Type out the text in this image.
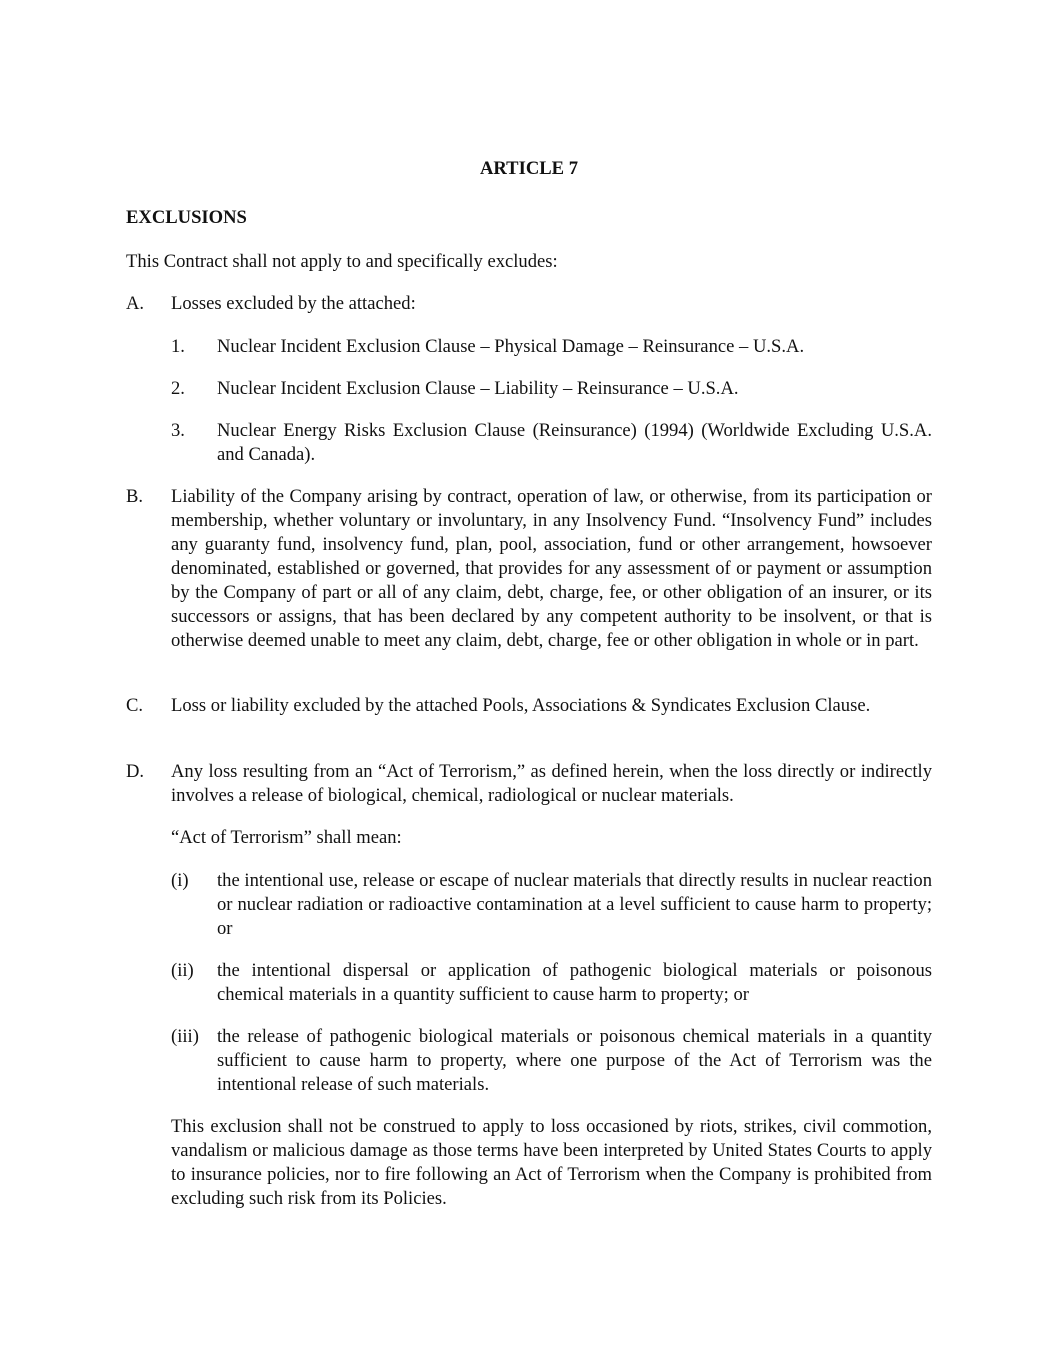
ARTICLE 7

EXCLUSIONS

This Contract shall not apply to and specifically excludes:

A. Losses excluded by the attached:
1. Nuclear Incident Exclusion Clause – Physical Damage – Reinsurance – U.S.A.
2. Nuclear Incident Exclusion Clause – Liability – Reinsurance – U.S.A.
3. Nuclear Energy Risks Exclusion Clause (Reinsurance) (1994) (Worldwide Excluding U.S.A. and Canada).
B. Liability of the Company arising by contract, operation of law, or otherwise, from its participation or membership, whether voluntary or involuntary, in any Insolvency Fund. “Insolvency Fund” includes any guaranty fund, insolvency fund, plan, pool, association, fund or other arrangement, howsoever denominated, established or governed, that provides for any assessment of or payment or assumption by the Company of part or all of any claim, debt, charge, fee, or other obligation of an insurer, or its successors or assigns, that has been declared by any competent authority to be insolvent, or that is otherwise deemed unable to meet any claim, debt, charge, fee or other obligation in whole or in part.
C. Loss or liability excluded by the attached Pools, Associations & Syndicates Exclusion Clause.
D. Any loss resulting from an “Act of Terrorism,” as defined herein, when the loss directly or indirectly involves a release of biological, chemical, radiological or nuclear materials.

“Act of Terrorism” shall mean:

(i) the intentional use, release or escape of nuclear materials that directly results in nuclear reaction or nuclear radiation or radioactive contamination at a level sufficient to cause harm to property; or
(ii) the intentional dispersal or application of pathogenic biological materials or poisonous chemical materials in a quantity sufficient to cause harm to property; or
(iii) the release of pathogenic biological materials or poisonous chemical materials in a quantity sufficient to cause harm to property, where one purpose of the Act of Terrorism was the intentional release of such materials.

This exclusion shall not be construed to apply to loss occasioned by riots, strikes, civil commotion, vandalism or malicious damage as those terms have been interpreted by United States Courts to apply to insurance policies, nor to fire following an Act of Terrorism when the Company is prohibited from excluding such risk from its Policies.
